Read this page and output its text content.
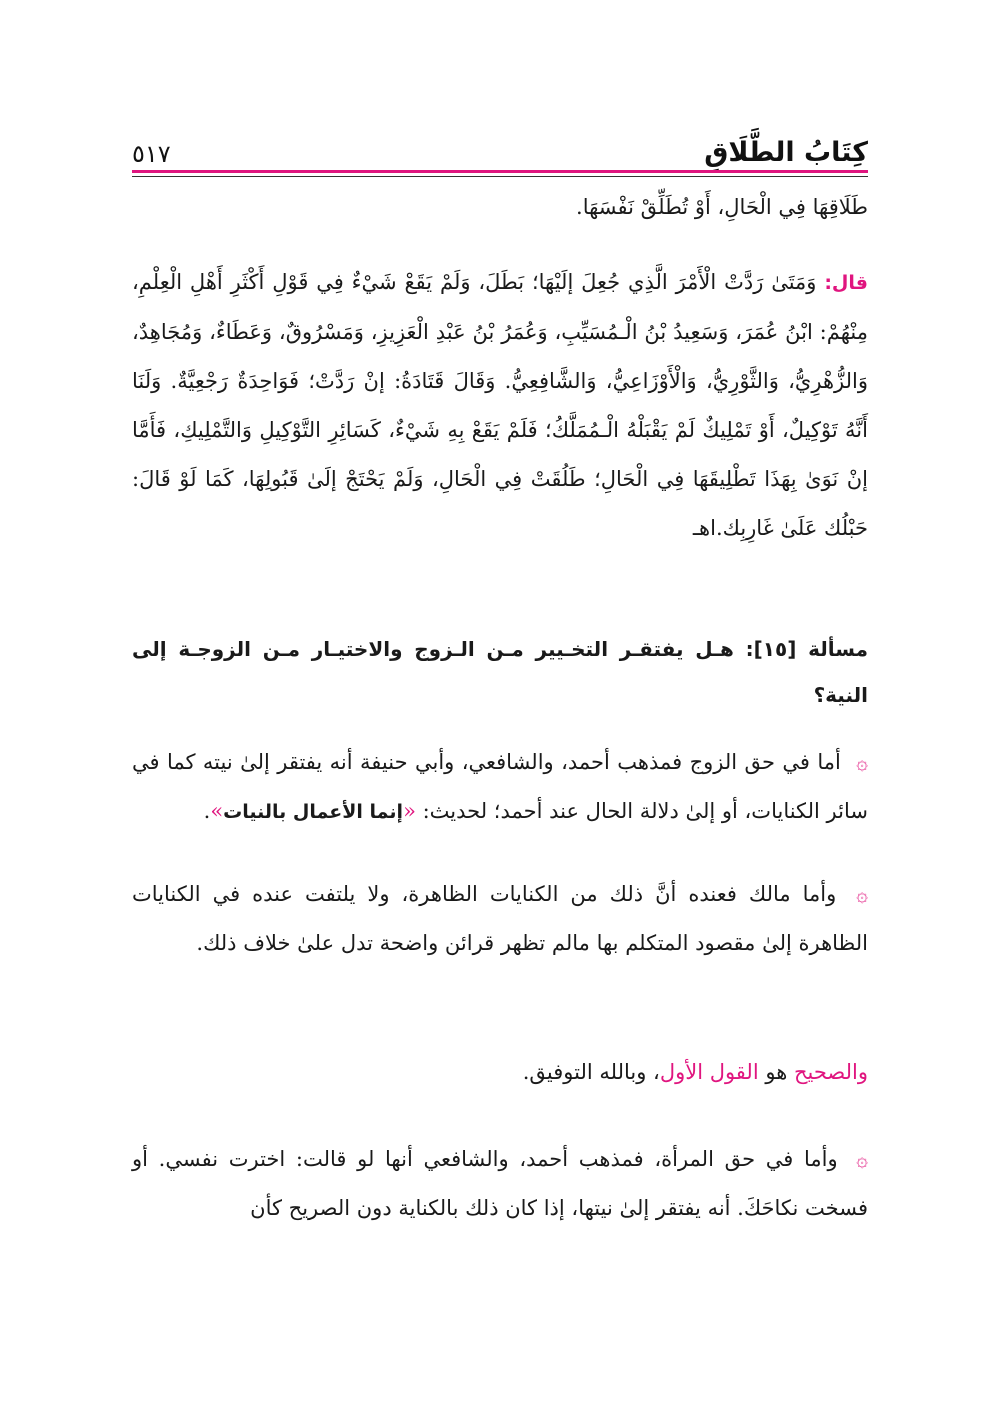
كِتَابُ الطَّلَاقِ
٥١٧
طَلَاقِهَا فِي الْحَالِ، أَوْ تُطَلِّقْ نَفْسَهَا.
قال: وَمَتَىٰ رَدَّتْ الْأَمْرَ الَّذِي جُعِلَ إلَيْهَا؛ بَطَلَ، وَلَمْ يَقَعْ شَيْءٌ فِي قَوْلِ أَكْثَرِ أَهْلِ الْعِلْمِ، مِنْهُمْ: ابْنُ عُمَرَ، وَسَعِيدُ بْنُ الْـمُسَيِّبِ، وَعُمَرُ بْنُ عَبْدِ الْعَزِيزِ، وَمَسْرُوقٌ، وَعَطَاءٌ، وَمُجَاهِدٌ، وَالزُّهْرِيُّ، وَالثَّوْرِيُّ، وَالْأَوْزَاعِيُّ، وَالشَّافِعِيُّ. وَقَالَ قَتَادَةُ: إنْ رَدَّتْ؛ فَوَاحِدَةٌ رَجْعِيَّةٌ. وَلَنَا أَنَّهُ تَوْكِيلٌ، أَوْ تَمْلِيكٌ لَمْ يَقْبَلْهُ الْـمُمَلَّكُ؛ فَلَمْ يَقَعْ بِهِ شَيْءٌ، كَسَائِرِ التَّوْكِيلِ وَالتَّمْلِيكِ، فَأَمَّا إنْ نَوَىٰ بِهَذَا تَطْلِيقَهَا فِي الْحَالِ؛ طَلُقَتْ فِي الْحَالِ، وَلَمْ يَحْتَجْ إلَىٰ قَبُولِهَا، كَمَا لَوْ قَالَ: حَبْلُك عَلَىٰ غَارِبِك.اهـ
مسألة [١٥]: هـل يفتقـر التخـيير مـن الـزوج والاختيـار مـن الزوجـة إلى النية؟
۞ أما في حق الزوج فمذهب أحمد، والشافعي، وأبي حنيفة أنه يفتقر إلىٰ نيته كما في سائر الكنايات، أو إلىٰ دلالة الحال عند أحمد؛ لحديث: «إنما الأعمال بالنيات».
۞ وأما مالك فعنده أنَّ ذلك من الكنايات الظاهرة، ولا يلتفت عنده في الكنايات الظاهرة إلىٰ مقصود المتكلم بها مالم تظهر قرائن واضحة تدل علىٰ خلاف ذلك.
والصحيح هو القول الأول، وبالله التوفيق.
۞ وأما في حق المرأة، فمذهب أحمد، والشافعي أنها لو قالت: اخترت نفسي. أو فسخت نكاحَكَ. أنه يفتقر إلىٰ نيتها، إذا كان ذلك بالكناية دون الصريح كأن
